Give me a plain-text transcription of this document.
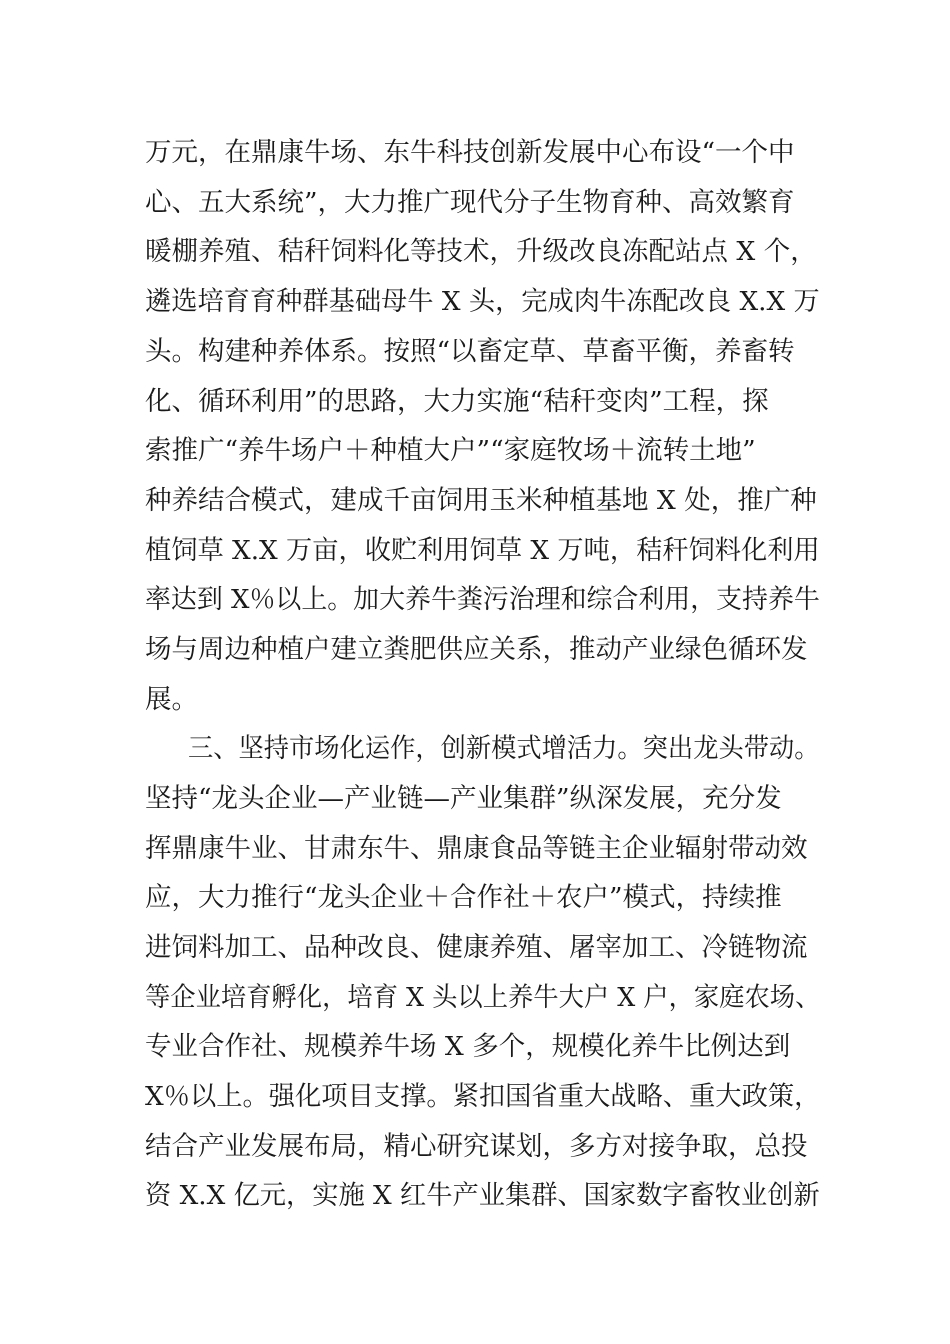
万元，在鼎康牛场、东牛科技创新发展中心布设“一个中
心、五大系统”，大力推广现代分子生物育种、高效繁育
暖棚养殖、秸秆饲料化等技术，升级改良冻配站点 X 个，
遴选培育育种群基础母牛 X 头，完成肉牛冻配改良 X.X 万
头。构建种养体系。按照“以畜定草、草畜平衡，养畜转
化、循环利用”的思路，大力实施“秸秆变肉”工程，探
索推广“养牛场户＋种植大户”“家庭牧场＋流转土地”
种养结合模式，建成千亩饲用玉米种植基地 X 处，推广种
植饲草 X.X 万亩，收贮利用饲草 X 万吨，秸秆饲料化利用
率达到 X％以上。加大养牛粪污治理和综合利用，支持养牛
场与周边种植户建立粪肥供应关系，推动产业绿色循环发
展。
三、坚持市场化运作，创新模式增活力。突出龙头带动。
坚持“龙头企业—产业链—产业集群”纵深发展，充分发
挥鼎康牛业、甘肃东牛、鼎康食品等链主企业辐射带动效
应，大力推行“龙头企业＋合作社＋农户”模式，持续推
进饲料加工、品种改良、健康养殖、屠宰加工、冷链物流
等企业培育孵化，培育 X 头以上养牛大户 X 户，家庭农场、
专业合作社、规模养牛场 X 多个，规模化养牛比例达到
X％以上。强化项目支撑。紧扣国省重大战略、重大政策，
结合产业发展布局，精心研究谋划，多方对接争取，总投
资 X.X 亿元，实施 X 红牛产业集群、国家数字畜牧业创新
